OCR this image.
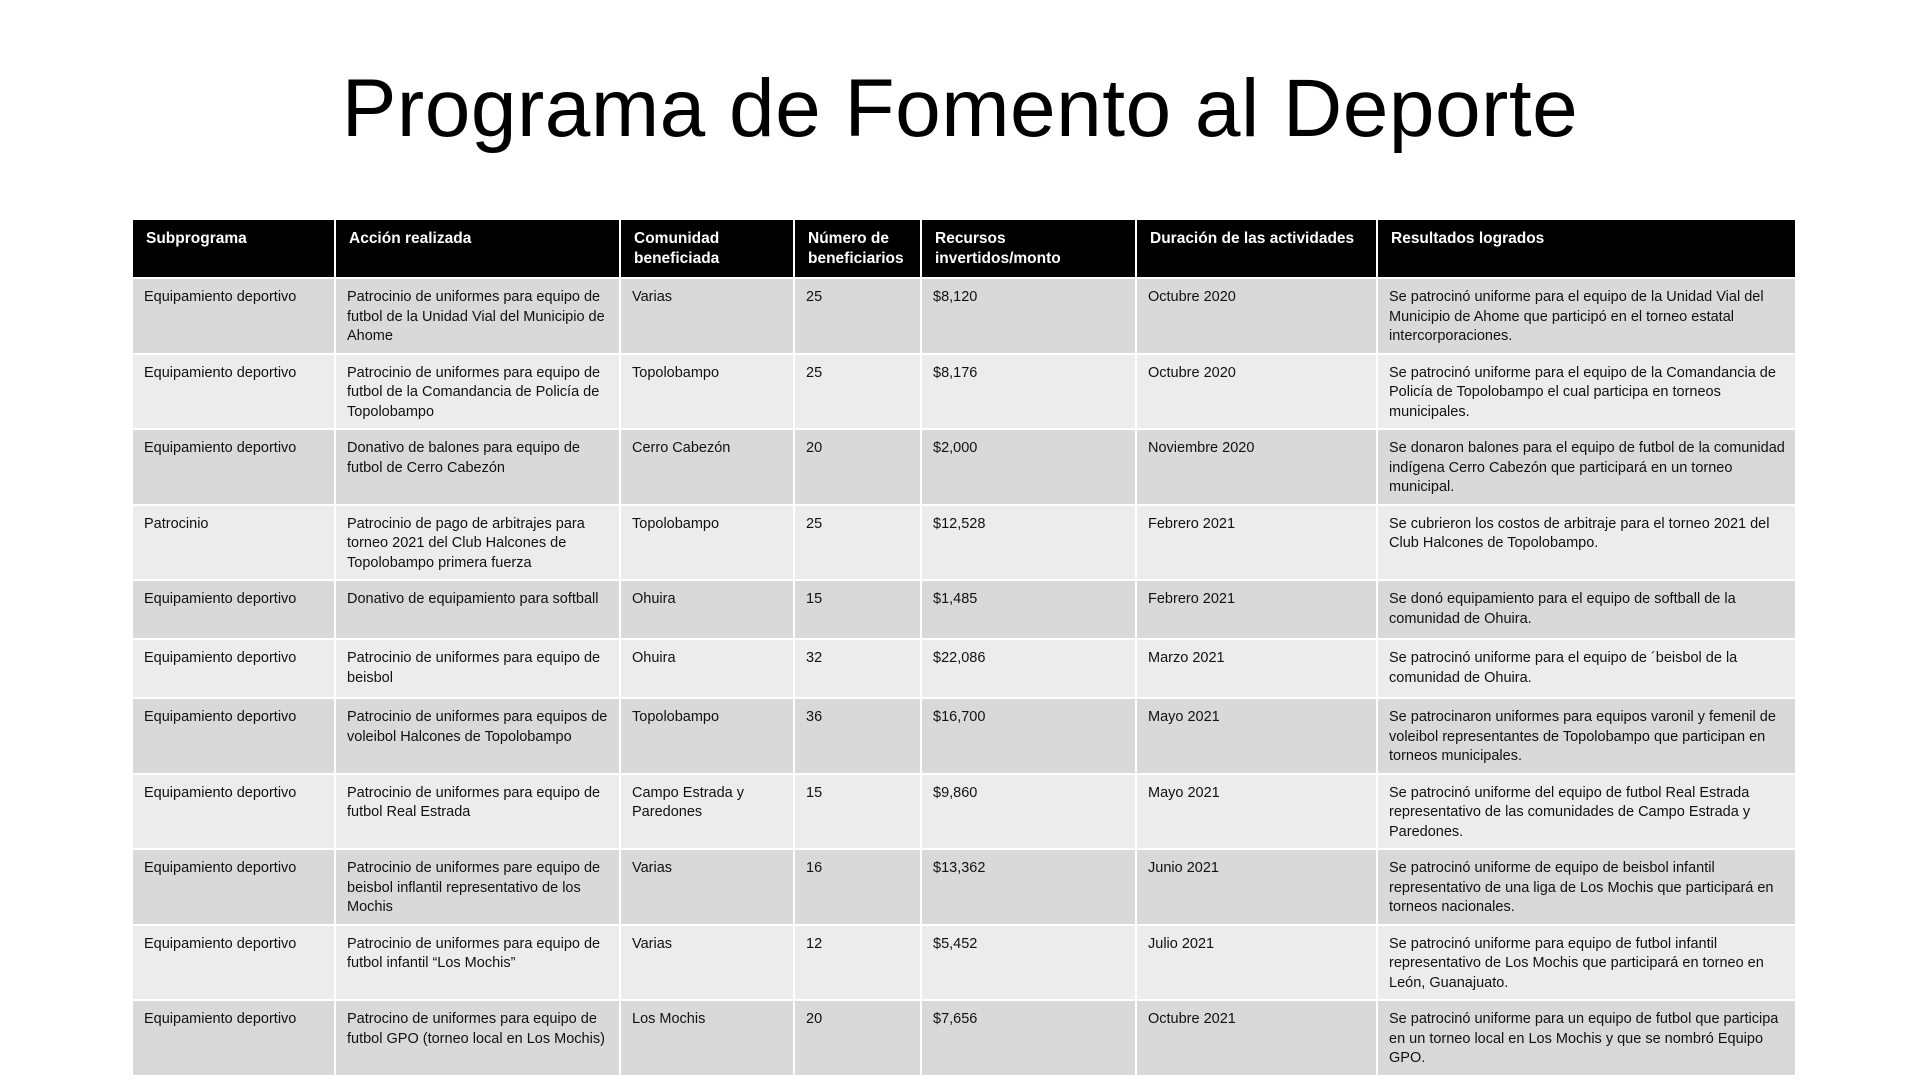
Programa de Fomento al Deporte
Subprograma	Acción realizada	Comunidad beneficiada	Número de beneficiarios	Recursos invertidos/monto	Duración de las actividades	Resultados logrados
Equipamiento deportivo	Patrocinio de uniformes para equipo de futbol de la Unidad Vial del Municipio de Ahome	Varias	25	$8,120	Octubre 2020	Se patrocinó uniforme para el equipo de la Unidad Vial del Municipio de Ahome que participó en el torneo estatal intercorporaciones.
Equipamiento deportivo	Patrocinio de uniformes para equipo de futbol de la Comandancia de Policía de Topolobampo	Topolobampo	25	$8,176	Octubre 2020	Se patrocinó uniforme para el equipo de la Comandancia de Policía de Topolobampo el cual participa en torneos municipales.
Equipamiento deportivo	Donativo de balones para equipo de futbol de Cerro Cabezón	Cerro Cabezón	20	$2,000	Noviembre 2020	Se donaron balones para el equipo de futbol de la comunidad indígena Cerro Cabezón que participará en un torneo municipal.
Patrocinio	Patrocinio de pago de arbitrajes para torneo 2021 del Club Halcones de Topolobampo primera fuerza	Topolobampo	25	$12,528	Febrero 2021	Se cubrieron los costos de arbitraje para el torneo 2021 del Club Halcones de Topolobampo.
Equipamiento deportivo	Donativo de equipamiento para softball	Ohuira	15	$1,485	Febrero 2021	Se donó equipamiento para el equipo de softball de la comunidad de Ohuira.
Equipamiento deportivo	Patrocinio de uniformes para equipo de beisbol	Ohuira	32	$22,086	Marzo 2021	Se patrocinó uniforme para el equipo de ´beisbol de la comunidad de Ohuira.
Equipamiento deportivo	Patrocinio de uniformes para equipos de voleibol Halcones de Topolobampo	Topolobampo	36	$16,700	Mayo 2021	Se patrocinaron uniformes para equipos varonil y femenil de voleibol representantes de Topolobampo que participan en torneos municipales.
Equipamiento deportivo	Patrocinio de uniformes para equipo de futbol Real Estrada	Campo Estrada y Paredones	15	$9,860	Mayo 2021	Se patrocinó uniforme del equipo de futbol Real Estrada representativo de las comunidades de Campo Estrada y Paredones.
Equipamiento deportivo	Patrocinio de uniformes pare equipo de beisbol inflantil representativo de los Mochis	Varias	16	$13,362	Junio 2021	Se patrocinó uniforme de equipo de beisbol infantil representativo de una liga de Los Mochis que participará en torneos nacionales.
Equipamiento deportivo	Patrocinio de uniformes para equipo de futbol infantil “Los Mochis”	Varias	12	$5,452	Julio 2021	Se patrocinó uniforme para equipo de futbol infantil representativo de Los Mochis que participará en torneo en León, Guanajuato.
Equipamiento deportivo	Patrocino de uniformes para equipo de futbol GPO (torneo local en Los Mochis)	Los Mochis	20	$7,656	Octubre 2021	Se patrocinó uniforme para un equipo de futbol que participa en un torneo local en Los Mochis y que se nombró Equipo GPO.
